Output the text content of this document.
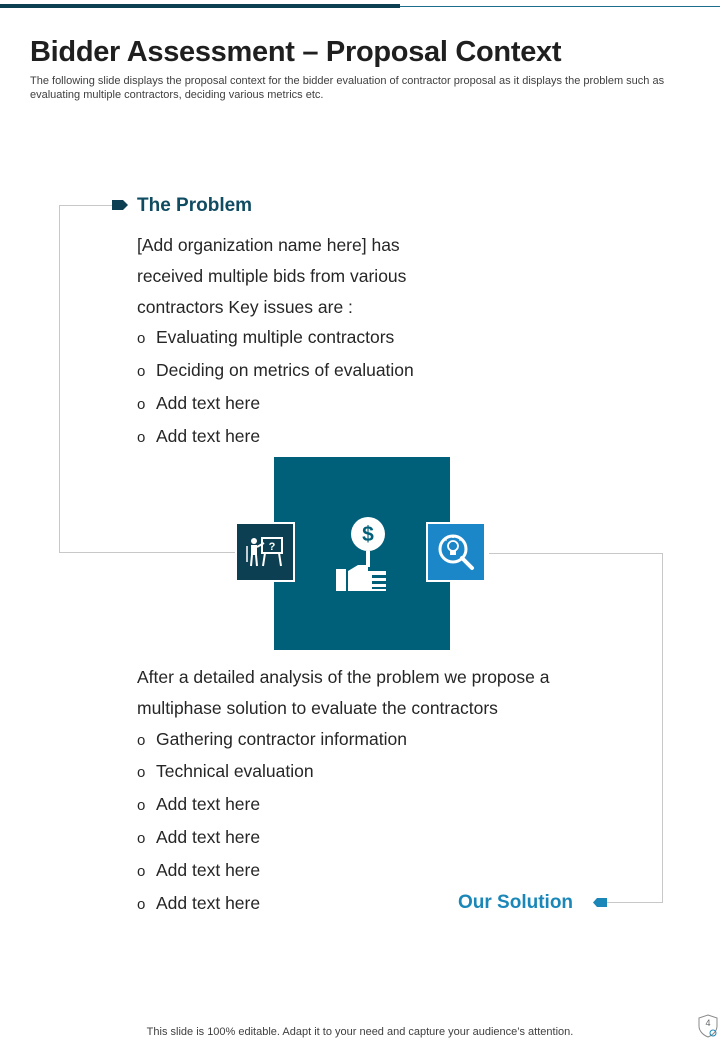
Bidder Assessment – Proposal Context

The following slide displays the proposal context for the bidder evaluation of contractor proposal as it displays the problem such as evaluating multiple contractors, deciding various metrics etc.

The Problem

[Add organization name here] has

received multiple bids from various

contractors Key issues are :

o Evaluating multiple contractors
o Deciding on metrics of evaluation
o Add text here
o Add text here
$
?

After a detailed analysis of the problem we propose a

multiphase solution to evaluate the contractors

o Gathering contractor information
o Technical evaluation
o Add text here
o Add text here
o Add text here
o Add text here	Our Solution
This slide is 100% editable. Adapt it to your need and capture your audience’s attention.
4
